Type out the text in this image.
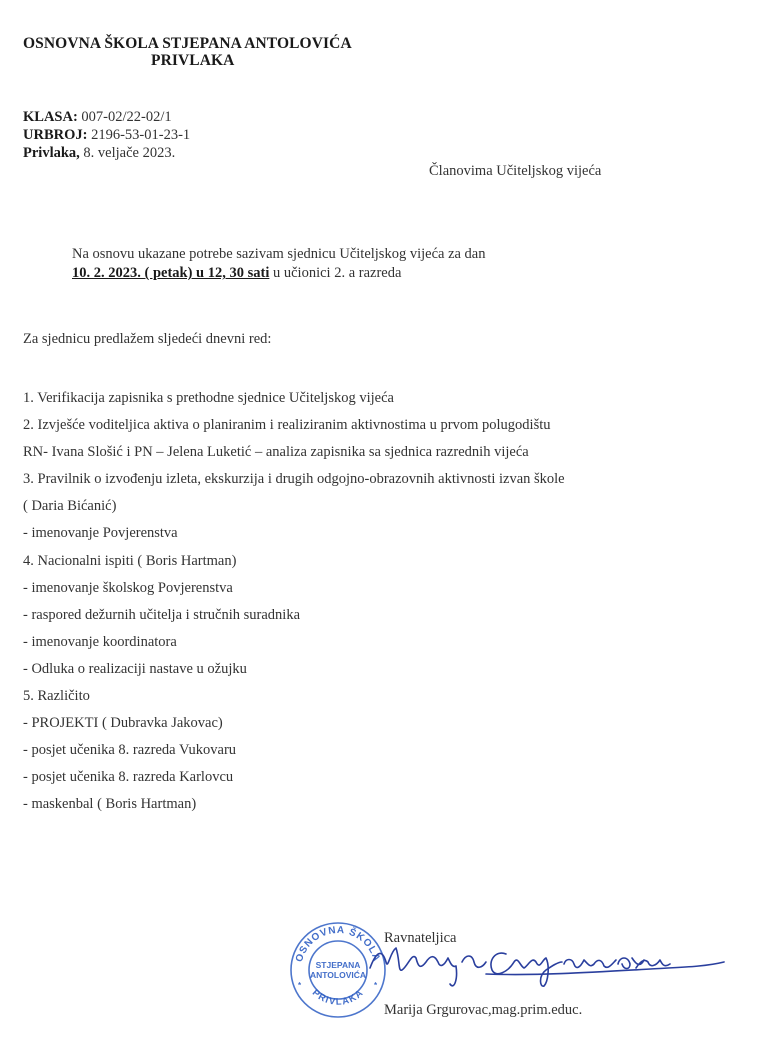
OSNOVNA ŠKOLA STJEPANA ANTOLOVIĆA
PRIVLAKA
KLASA: 007-02/22-02/1
URBROJ: 2196-53-01-23-1
Privlaka, 8. veljače 2023.
Članovima Učiteljskog vijeća
Na osnovu ukazane potrebe sazivam sjednicu Učiteljskog vijeća za dan
10. 2. 2023. ( petak) u 12, 30 sati u učionici 2. a razreda
Za sjednicu predlažem sljedeći dnevni red:
1. Verifikacija zapisnika s prethodne sjednice Učiteljskog vijeća
2. Izvješće voditeljica aktiva o planiranim i realiziranim aktivnostima u prvom polugodištu
RN- Ivana Slošić i PN – Jelena Luketić – analiza zapisnika sa sjednica razrednih vijeća
3. Pravilnik o izvođenju izleta, ekskurzija i drugih odgojno-obrazovnih aktivnosti izvan škole
( Daria Bićanić)
- imenovanje Povjerenstva
4. Nacionalni ispiti ( Boris Hartman)
- imenovanje školskog Povjerenstva
- raspored dežurnih učitelja i stručnih suradnika
- imenovanje koordinatora
- Odluka o realizaciji nastave u ožujku
5. Različito
- PROJEKTI ( Dubravka Jakovac)
- posjet učenika 8. razreda Vukovaru
- posjet učenika 8. razreda Karlovcu
- maskenbal ( Boris Hartman)
OSNOVNA ŠKOLA
PRIVLAKA
STJEPANA
ANTOLOVIĆA
*	*
Ravnateljica
Marija Grgurovac,mag.prim.educ.
